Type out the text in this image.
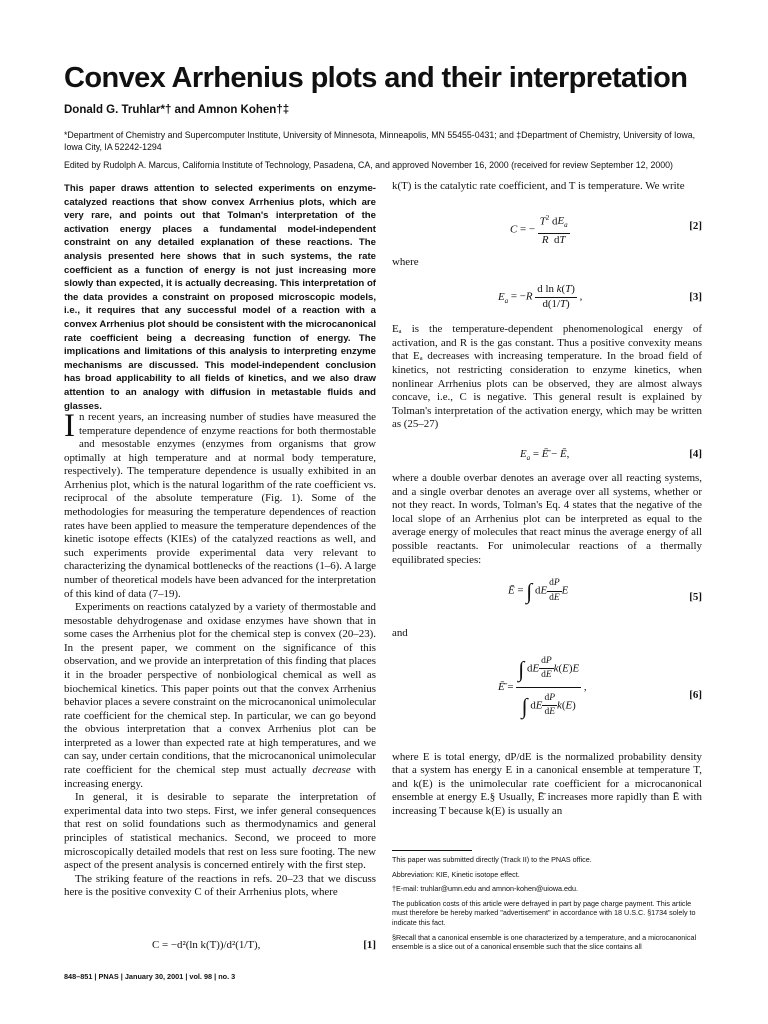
Convex Arrhenius plots and their interpretation
Donald G. Truhlar*† and Amnon Kohen†‡
*Department of Chemistry and Supercomputer Institute, University of Minnesota, Minneapolis, MN 55455-0431; and ‡Department of Chemistry, University of Iowa, Iowa City, IA 52242-1294
Edited by Rudolph A. Marcus, California Institute of Technology, Pasadena, CA, and approved November 16, 2000 (received for review September 12, 2000)

This paper draws attention to selected experiments on enzyme-catalyzed reactions that show convex Arrhenius plots, which are very rare, and points out that Tolman's interpretation of the activation energy places a fundamental model-independent constraint on any detailed explanation of these reactions. The analysis presented here shows that in such systems, the rate coefficient as a function of energy is not just increasing more slowly than expected, it is actually decreasing. This interpretation of the data provides a constraint on proposed microscopic models, i.e., it requires that any successful model of a reaction with a convex Arrhenius plot should be consistent with the microcanonical rate coefficient being a decreasing function of energy. The implications and limitations of this analysis to interpreting enzyme mechanisms are discussed. This model-independent conclusion has broad applicability to all fields of kinetics, and we also draw attention to an analogy with diffusion in metastable fluids and glasses.

In recent years, an increasing number of studies have measured the temperature dependence of enzyme reactions for both thermostable and mesostable enzymes (enzymes from organisms that grow optimally at high temperature and at normal body temperature, respectively). The temperature dependence is usually exhibited in an Arrhenius plot, which is the natural logarithm of the rate coefficient vs. reciprocal of the absolute temperature (Fig. 1). Some of the methodologies for measuring the temperature dependences of reaction rates have been applied to measure the temperature dependences of the kinetic isotope effects (KIEs) of the catalyzed reactions as well, and such experiments provide experimental data very relevant to characterizing the dynamical bottlenecks of the reactions (1–6). A large number of theoretical models have been advanced for the interpretation of this kind of data (7–19).

Experiments on reactions catalyzed by a variety of thermostable and mesostable dehydrogenase and oxidase enzymes have shown that in some cases the Arrhenius plot for the chemical step is convex (20–23). In the present paper, we comment on the significance of this observation, and we provide an interpretation of this finding that places it in the broader perspective of nonbiological chemical as well as biochemical kinetics. This paper points out that the convex Arrhenius behavior places a severe constraint on the microcanonical unimolecular rate coefficient for the chemical step. In particular, we can go beyond the obvious interpretation that a convex Arrhenius plot can be interpreted as a lower than expected rate at high temperatures, and we can say, under certain conditions, that the microcanonical unimolecular rate coefficient for the chemical step must actually decrease with increasing energy.

In general, it is desirable to separate the interpretation of experimental data into two steps. First, we infer general consequences that rest on solid foundations such as thermodynamics and general principles of statistical mechanics. Second, we proceed to more microscopically detailed models that rest on less sure footing. The new aspect of the present analysis is concerned entirely with the first step.

The striking feature of the reactions in refs. 20–23 that we discuss here is the positive convexity C of their Arrhenius plots, where

C = −d²(ln k(T))/d²(1/T),	[1]

k(T) is the catalytic rate coefficient, and T is temperature. We write

C = − $\frac{T^2 dE_a}{\text{R  dT}}$	[2]

where

$E_a = -R \frac{\text{d ln k(T)}}{d(1/T)}$ ,	[3]

Eₐ is the temperature-dependent phenomenological energy of activation, and R is the gas constant. Thus a positive convexity means that Eₐ decreases with increasing temperature. In the broad field of kinetics, not restricting consideration to enzyme kinetics, when nonlinear Arrhenius plots can be observed, they are almost always concave, i.e., C is negative. This general result is explained by Tolman's interpretation of the activation energy, which may be written as (25–27)

$E_a$ = Ē̄ − Ē,	[4]

where a double overbar denotes an average over all reacting systems, and a single overbar denotes an average over all systems, whether or not they react. In words, Tolman's Eq. 4 states that the negative of the local slope of an Arrhenius plot can be interpreted as equal to the average energy of molecules that react minus the average energy of all possible reactants. For unimolecular reactions of a thermally equilibrated species:

Ē = ∫ dE $\frac{dP}{dE}$ E
[5]

and

Ē̄ = $\frac{\int dE \frac{dP}{dE} k(E)E}{\int dE \frac{dP}{dE} k(E)}$ ,
[6]

where E is total energy, dP/dE is the normalized probability density that a system has energy E in a canonical ensemble at temperature T, and k(E) is the unimolecular rate coefficient for a microcanonical ensemble at energy E.§ Usually, Ē̄ increases more rapidly than Ē with increasing T because k(E) is usually an

This paper was submitted directly (Track II) to the PNAS office.

Abbreviation: KIE, Kinetic isotope effect.

†E-mail: truhlar@umn.edu and amnon-kohen@uiowa.edu.

The publication costs of this article were defrayed in part by page charge payment. This article must therefore be hereby marked "advertisement" in accordance with 18 U.S.C. §1734 solely to indicate this fact.

§Recall that a canonical ensemble is one characterized by a temperature, and a microcanonical ensemble is a slice out of a canonical ensemble such that the slice contains all

848–851 | PNAS | January 30, 2001 | vol. 98 | no. 3
